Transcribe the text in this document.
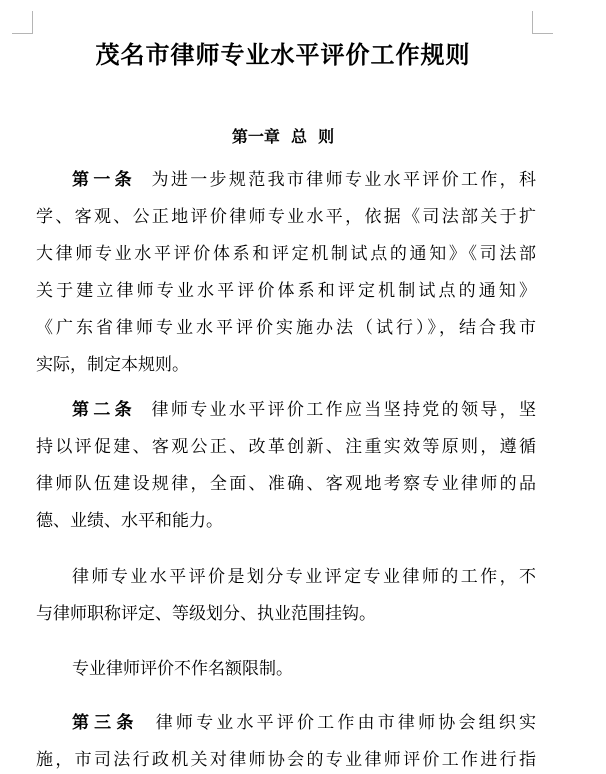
茂名市律师专业水平评价工作规则
第一章  总  则
第一条 为进一步规范我市律师专业水平评价工作，科
学、客观、公正地评价律师专业水平，依据《司法部关于扩
大律师专业水平评价体系和评定机制试点的通知》《司法部
关于建立律师专业水平评价体系和评定机制试点的通知》
《广东省律师专业水平评价实施办法（试行）》，结合我市
实际，制定本规则。
第二条 律师专业水平评价工作应当坚持党的领导，坚
持以评促建、客观公正、改革创新、注重实效等原则，遵循
律师队伍建设规律，全面、准确、客观地考察专业律师的品
德、业绩、水平和能力。
律师专业水平评价是划分专业评定专业律师的工作，不
与律师职称评定、等级划分、执业范围挂钩。
专业律师评价不作名额限制。
第三条 律师专业水平评价工作由市律师协会组织实
施，市司法行政机关对律师协会的专业律师评价工作进行指
